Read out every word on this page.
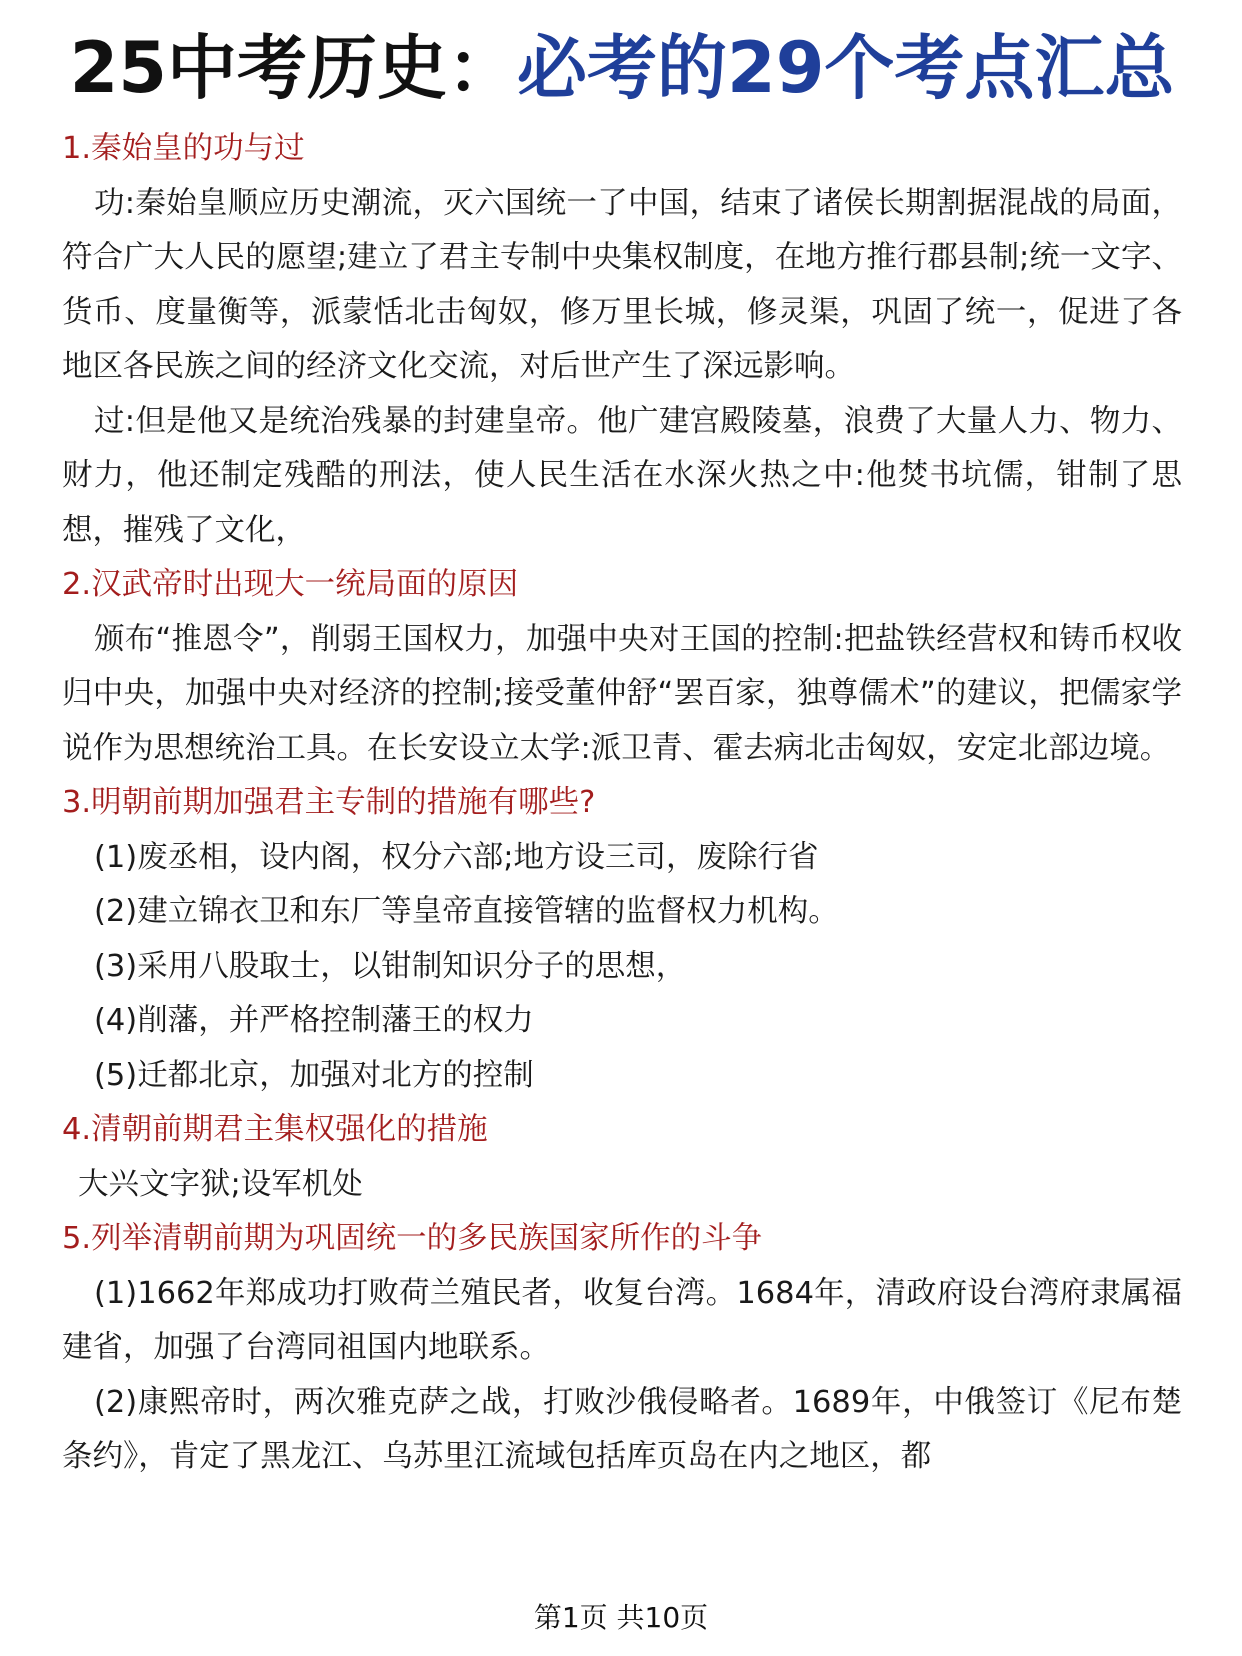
25中考历史：必考的29个考点汇总

1.秦始皇的功与过

功:秦始皇顺应历史潮流，灭六国统一了中国，结束了诸侯长期割据混战的局面，符合广大人民的愿望;建立了君主专制中央集权制度，在地方推行郡县制;统一文字、货币、度量衡等，派蒙恬北击匈奴，修万里长城，修灵渠，巩固了统一，促进了各地区各民族之间的经济文化交流，对后世产生了深远影响。

过:但是他又是统治残暴的封建皇帝。他广建宫殿陵墓，浪费了大量人力、物力、财力，他还制定残酷的刑法，使人民生活在水深火热之中:他焚书坑儒，钳制了思想，摧残了文化，

2.汉武帝时出现大一统局面的原因

颁布“推恩令”，削弱王国权力，加强中央对王国的控制:把盐铁经营权和铸币权收归中央，加强中央对经济的控制;接受董仲舒“罢百家，独尊儒术”的建议，把儒家学说作为思想统治工具。在长安设立太学:派卫青、霍去病北击匈奴，安定北部边境。

3.明朝前期加强君主专制的措施有哪些?

(1)废丞相，设内阁，权分六部;地方设三司，废除行省

(2)建立锦衣卫和东厂等皇帝直接管辖的监督权力机构。

(3)采用八股取士，以钳制知识分子的思想，

(4)削藩，并严格控制藩王的权力

(5)迁都北京，加强对北方的控制

4.清朝前期君主集权强化的措施

大兴文字狱;设军机处

5.列举清朝前期为巩固统一的多民族国家所作的斗争

(1)1662年郑成功打败荷兰殖民者，收复台湾。1684年，清政府设台湾府隶属福建省，加强了台湾同祖国内地联系。

(2)康熙帝时，两次雅克萨之战，打败沙俄侵略者。1689年，中俄签订《尼布楚条约》，肯定了黑龙江、乌苏里江流域包括库页岛在内之地区，都

第1页 共10页
